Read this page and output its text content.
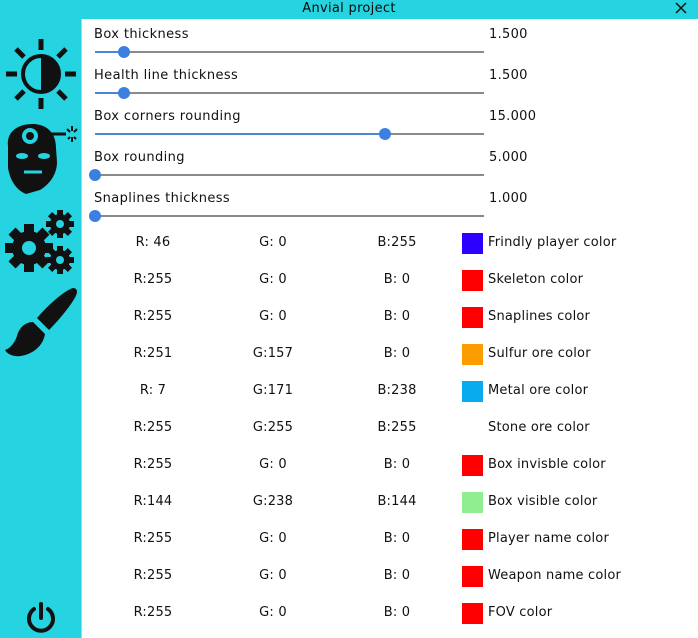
Anvial project
Box thickness	1.500
Health line thickness	1.500
Box corners rounding	15.000
Box rounding	5.000
Snaplines thickness	1.000
R: 46	G: 0	B:255	Frindly player color
R:255	G: 0	B: 0	Skeleton color
R:255	G: 0	B: 0	Snaplines color
R:251	G:157	B: 0	Sulfur ore color
R: 7	G:171	B:238	Metal ore color
R:255	G:255	B:255	Stone ore color
R:255	G: 0	B: 0	Box invisble color
R:144	G:238	B:144	Box visible color
R:255	G: 0	B: 0	Player name color
R:255	G: 0	B: 0	Weapon name color
R:255	G: 0	B: 0	FOV color
